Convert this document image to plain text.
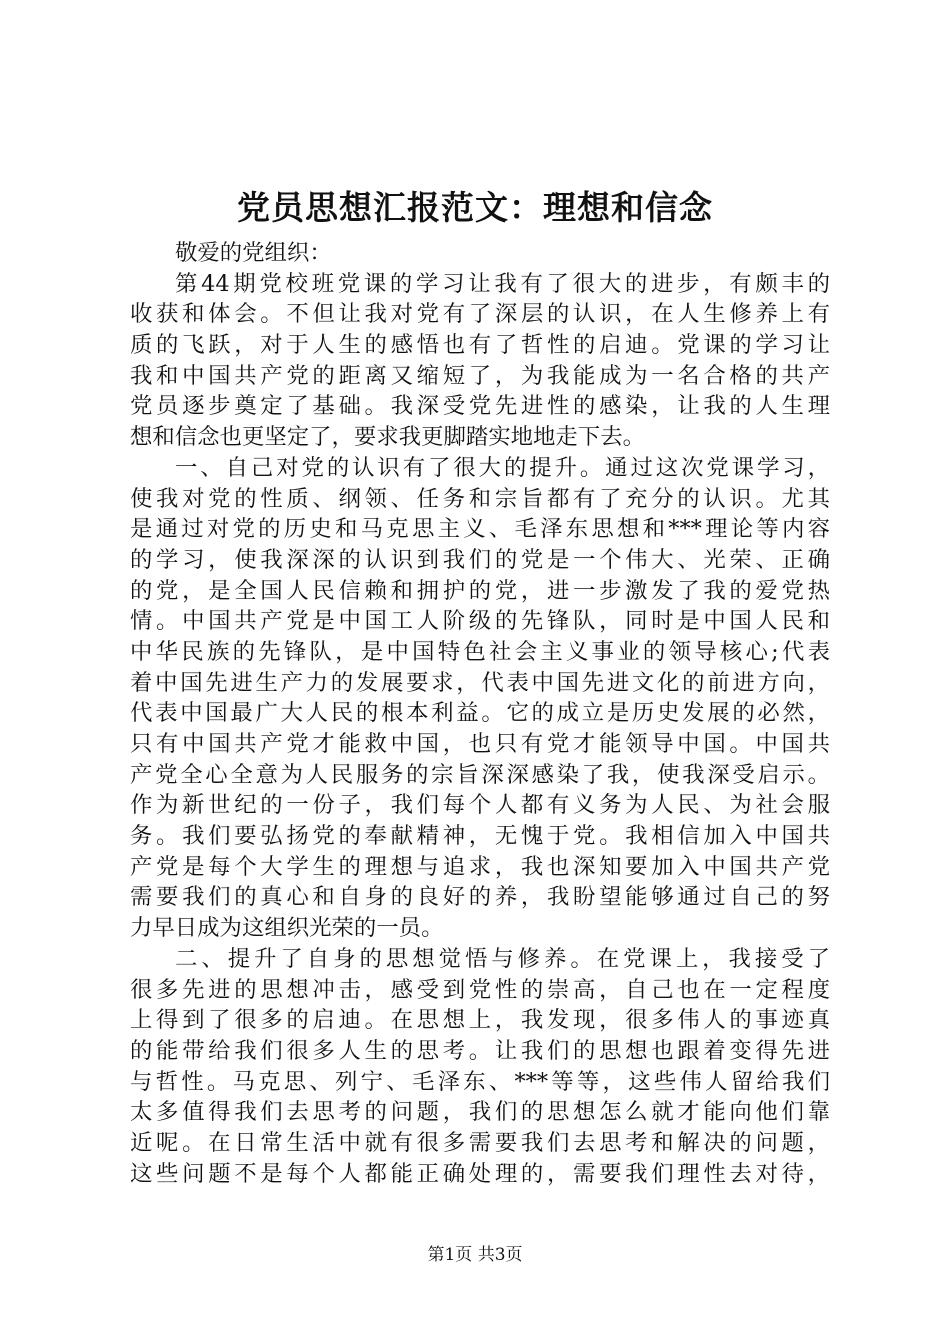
党员思想汇报范文：理想和信念
敬爱的党组织：
第44期党校班党课的学习让我有了很大的进步，有颇丰的
收获和体会。不但让我对党有了深层的认识，在人生修养上有
质的飞跃，对于人生的感悟也有了哲性的启迪。党课的学习让
我和中国共产党的距离又缩短了，为我能成为一名合格的共产
党员逐步奠定了基础。我深受党先进性的感染，让我的人生理
想和信念也更坚定了，要求我更脚踏实地地走下去。
一、自己对党的认识有了很大的提升。通过这次党课学习，
使我对党的性质、纲领、任务和宗旨都有了充分的认识。尤其
是通过对党的历史和马克思主义、毛泽东思想和***理论等内容
的学习，使我深深的认识到我们的党是一个伟大、光荣、正确
的党，是全国人民信赖和拥护的党，进一步激发了我的爱党热
情。中国共产党是中国工人阶级的先锋队，同时是中国人民和
中华民族的先锋队，是中国特色社会主义事业的领导核心;代表
着中国先进生产力的发展要求，代表中国先进文化的前进方向，
代表中国最广大人民的根本利益。它的成立是历史发展的必然，
只有中国共产党才能救中国，也只有党才能领导中国。中国共
产党全心全意为人民服务的宗旨深深感染了我，使我深受启示。
作为新世纪的一份子，我们每个人都有义务为人民、为社会服
务。我们要弘扬党的奉献精神，无愧于党。我相信加入中国共
产党是每个大学生的理想与追求，我也深知要加入中国共产党
需要我们的真心和自身的良好的养，我盼望能够通过自己的努
力早日成为这组织光荣的一员。
二、提升了自身的思想觉悟与修养。在党课上，我接受了
很多先进的思想冲击，感受到党性的崇高，自己也在一定程度
上得到了很多的启迪。在思想上，我发现，很多伟人的事迹真
的能带给我们很多人生的思考。让我们的思想也跟着变得先进
与哲性。马克思、列宁、毛泽东、***等等，这些伟人留给我们
太多值得我们去思考的问题，我们的思想怎么就才能向他们靠
近呢。在日常生活中就有很多需要我们去思考和解决的问题，
这些问题不是每个人都能正确处理的，需要我们理性去对待，
第1页 共3页
